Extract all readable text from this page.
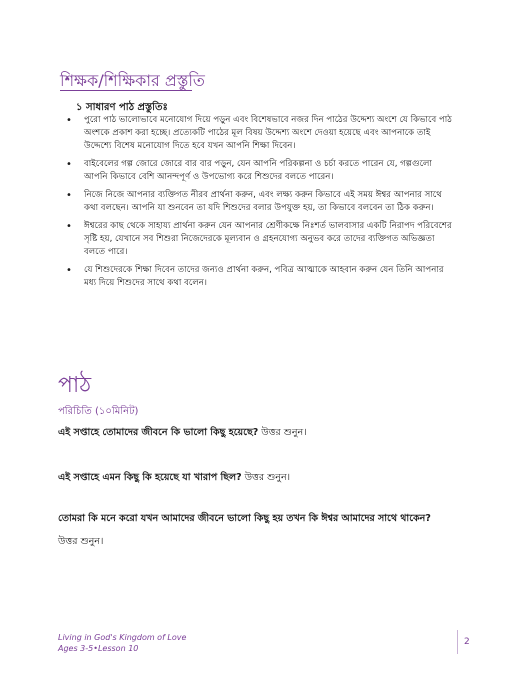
শিক্ষক/শিক্ষিকার প্রস্তুতি
১ সাধারণ পাঠ প্রস্তুতিঃ
• পুরো পাঠ ভালোভাবে মনোযোগ দিয়ে পড়ুন এবং বিশেষভাবে নজর দিন পাঠের উদ্দেশ্য অংশে যে কিভাবে পাঠ অংশকে প্রকাশ করা হচ্ছে। প্রত্যেকটি পাঠের মূল বিষয় উদ্দেশ্য অংশে দেওয়া হয়েছে এবং আপনাকে তাই উদ্দেশ্যে বিশেষ মনোযোগ দিতে হবে যখন আপনি শিক্ষা দিবেন।
• বাইবেলের গল্প জোরে জোরে বার বার পড়ুন, যেন আপনি পরিকল্পনা ও চর্চা করতে পারেন যে, গল্পগুলো আপনি কিভাবে বেশি আনন্দপূর্ণ ও উপভোগ্য করে শিশুদের বলতে পারেন।
• নিজে নিজে আপনার ব্যক্তিগত নীরব প্রার্থনা করুন, এবং লক্ষ্য করুন কিভাবে এই সময় ঈশ্বর আপনার সাথে কথা বলছেন। আপনি যা শুনবেন তা যদি শিশুদের বলার উপযুক্ত হয়, তা কিভাবে বলবেন তা ঠিক করুন।
• ঈশ্বরের কাছ থেকে সাহায্য প্রার্থনা করুন যেন আপনার শ্রেণীকক্ষে নিঃশর্ত ভালবাসার একটি নিরাপদ পরিবেশের সৃষ্টি হয়, যেখানে সব শিশুরা নিজেদেরকে মূল্যবান ও গ্রহনযোগ্য অনুভব করে তাদের ব্যক্তিগত অভিজ্ঞতা বলতে পারে।
• যে শিশুদেরকে শিক্ষা দিবেন তাদের জন্যও প্রার্থনা করুন, পবিত্র আত্মাকে আহবান করুন যেন তিনি আপনার মধ্য দিয়ে শিশুদের সাথে কথা বলেন।
পাঠ
পরিচিতি (১০মিনিট)
এই সপ্তাহে তোমাদের জীবনে কি ভালো কিছু হয়েছে? উত্তর শুনুন।
এই সপ্তাহে এমন কিছু কি হয়েছে যা খারাপ ছিল? উত্তর শুনুন।
তোমরা কি মনে করো যখন আমাদের জীবনে ভালো কিছু হয় তখন কি ঈশ্বর আমাদের সাথে থাকেন?
উত্তর শুনুন।
Living in God's Kingdom of Love
Ages 3-5•Lesson 10
2
